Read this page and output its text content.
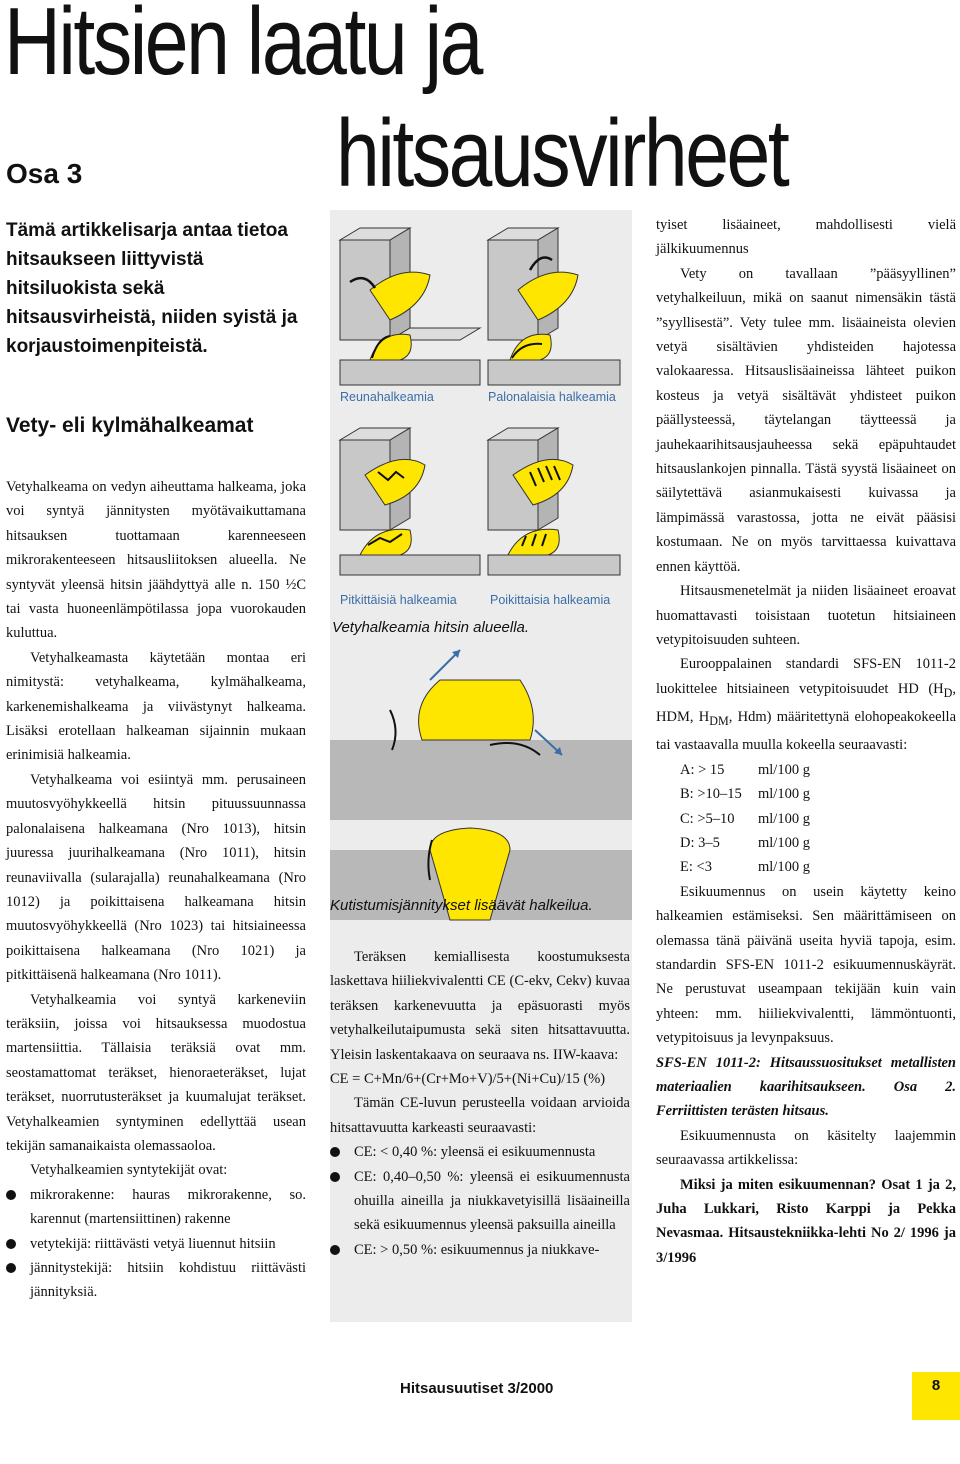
Hitsien laatu ja
hitsausvirheet
Osa 3
Tämä artikkelisarja antaa tietoa hitsaukseen liittyvistä hitsiluokista sekä hitsausvirheistä, niiden syistä ja korjaustoimenpiteistä.
Vety- eli kylmähalkeamat

Vetyhalkeama on vedyn aiheuttama halkeama, joka voi syntyä jännitysten myötävaikuttamana hitsauksen tuottamaan karenneeseen mikrorakenteeseen hitsausliitoksen alueella. Ne syntyvät yleensä hitsin jäähdyttyä alle n. 150 ½C tai vasta huoneenlämpötilassa jopa vuorokauden kuluttua.

Vetyhalkeamasta käytetään montaa eri nimitystä: vetyhalkeama, kylmähalkeama, karkenemishalkeama ja viivästynyt halkeama. Lisäksi erotellaan halkeaman sijainnin mukaan erinimisiä halkeamia.

Vetyhalkeama voi esiintyä mm. perusaineen muutosvyöhykkeellä hitsin pituussuunnassa palonalaisena halkeamana (Nro 1013), hitsin juuressa juurihalkeamana (Nro 1011), hitsin reunaviivalla (sularajalla) reunahalkeamana (Nro 1012) ja poikittaisena halkeamana hitsin muutosvyöhykkeellä (Nro 1023) tai hitsiaineessa poikittaisena halkeamana (Nro 1021) ja pitkittäisenä halkeamana (Nro 1011).

Vetyhalkeamia voi syntyä karkeneviin teräksiin, joissa voi hitsauksessa muodostua martensiittia. Tällaisia teräksiä ovat mm. seostamattomat teräkset, hienoraeteräkset, lujat teräkset, nuorrutusteräkset ja kuumalujat teräkset. Vetyhalkeamien syntyminen edellyttää usean tekijän samanaikaista olemassaoloa.

Vetyhalkeamien syntytekijät ovat:

mikrorakenne: hauras mikrorakenne, so. karennut (martensiittinen) rakenne

vetytekijä: riittävästi vetyä liuennut hitsiin

jännitystekijä: hitsiin kohdistuu riittävästi jännityksiä.

Reunahalkeamia	Palonalaisia halkeamia
Pitkittäisiä halkeamia	Poikittaisia halkeamia
Vetyhalkeamia hitsin alueella.
Kutistumisjännitykset lisäävät halkeilua.

Teräksen kemiallisesta koostumuksesta laskettava hiiliekvivalentti CE (C-ekv, Cekv) kuvaa teräksen karkenevuutta ja epäsuorasti myös vetyhalkeilutaipumusta sekä siten hitsattavuutta. Yleisin laskentakaava on seuraava ns. IIW-kaava:

CE = C+Mn/6+(Cr+Mo+V)/5+(Ni+Cu)/15 (%)

Tämän CE-luvun perusteella voidaan arvioida hitsattavuutta karkeasti seuraavasti:

CE: < 0,40 %: yleensä ei esikuumennusta

CE: 0,40–0,50 %: yleensä ei esikuumennusta ohuilla aineilla ja niukkavetyisillä lisäaineilla sekä esikuumennus yleensä paksuilla aineilla

CE: > 0,50 %: esikuumennus ja niukkave-

tyiset lisäaineet, mahdollisesti vielä jälkikuumennus

Vety on tavallaan ”pääsyyllinen” vetyhalkeiluun, mikä on saanut nimensäkin tästä ”syyllisestä”. Vety tulee mm. lisäaineista olevien vetyä sisältävien yhdisteiden hajotessa valokaaressa. Hitsauslisäaineissa lähteet puikon kosteus ja vetyä sisältävät yhdisteet puikon päällysteessä, täytelangan täytteessä ja jauhekaarihitsausjauheessa sekä epäpuhtaudet hitsauslankojen pinnalla. Tästä syystä lisäaineet on säilytettävä asianmukaisesti kuivassa ja lämpimässä varastossa, jotta ne eivät pääsisi kostumaan. Ne on myös tarvittaessa kuivattava ennen käyttöä.

Hitsausmenetelmät ja niiden lisäaineet eroavat huomattavasti toisistaan tuotetun hitsiaineen vetypitoisuuden suhteen.

Eurooppalainen standardi SFS-EN 1011-2 luokittelee hitsiaineen vetypitoisuudet HD ($H_D$, HDM, $H_{DM}$, Hdm) määritettynä elohopeakokeella tai vastaavalla muulla kokeella seuraavasti:

A: > 15	ml/100 g
B: >10–15	ml/100 g
C: >5–10	ml/100 g
D: 3–5	ml/100 g
E: <3	ml/100 g

Esikuumennus on usein käytetty keino halkeamien estämiseksi. Sen määrittämiseen on olemassa tänä päivänä useita hyviä tapoja, esim. standardin SFS-EN 1011-2 esikuumennuskäyrät. Ne perustuvat useampaan tekijään kuin vain yhteen: mm. hiiliekvivalentti, lämmöntuonti, vetypitoisuus ja levynpaksuus.

SFS-EN 1011-2: Hitsaussuositukset metallisten materiaalien kaarihitsaukseen. Osa 2. Ferriittisten terästen hitsaus.

Esikuumennusta on käsitelty laajemmin seuraavassa artikkelissa:

Miksi ja miten esikuumennan? Osat 1 ja 2, Juha Lukkari, Risto Karppi ja Pekka Nevasmaa. Hitsaustekniikka-lehti No 2/ 1996 ja 3/1996

Hitsausuutiset 3/2000	8
